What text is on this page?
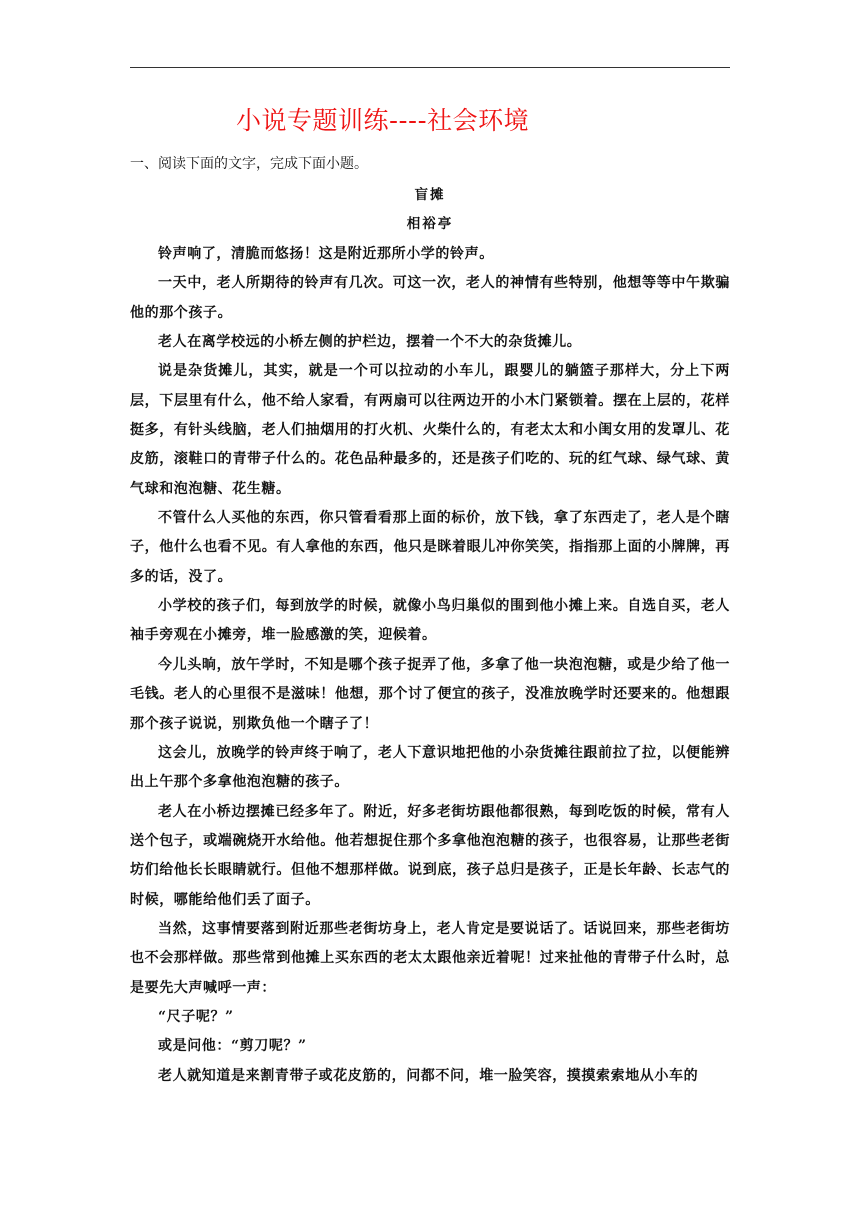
小说专题训练----社会环境
一、阅读下面的文字，完成下面小题。
盲摊
相裕亭

铃声响了，清脆而悠扬！这是附近那所小学的铃声。

一天中，老人所期待的铃声有几次。可这一次，老人的神情有些特别，他想等等中午欺骗他的那个孩子。

老人在离学校远的小桥左侧的护栏边，摆着一个不大的杂货摊儿。

说是杂货摊儿，其实，就是一个可以拉动的小车儿，跟婴儿的躺篮子那样大，分上下两层，下层里有什么，他不给人家看，有两扇可以往两边开的小木门紧锁着。摆在上层的，花样挺多，有针头线脑，老人们抽烟用的打火机、火柴什么的，有老太太和小闺女用的发罩儿、花皮筋，滚鞋口的青带子什么的。花色品种最多的，还是孩子们吃的、玩的红气球、绿气球、黄气球和泡泡糖、花生糖。

不管什么人买他的东西，你只管看看那上面的标价，放下钱，拿了东西走了，老人是个瞎子，他什么也看不见。有人拿他的东西，他只是眯着眼儿冲你笑笑，指指那上面的小牌牌，再多的话，没了。

小学校的孩子们，每到放学的时候，就像小鸟归巢似的围到他小摊上来。自选自买，老人袖手旁观在小摊旁，堆一脸感激的笑，迎候着。

今儿头晌，放午学时，不知是哪个孩子捉弄了他，多拿了他一块泡泡糖，或是少给了他一毛钱。老人的心里很不是滋味！他想，那个讨了便宜的孩子，没准放晚学时还要来的。他想跟那个孩子说说，别欺负他一个瞎子了！

这会儿，放晚学的铃声终于响了，老人下意识地把他的小杂货摊往跟前拉了拉，以便能辨出上午那个多拿他泡泡糖的孩子。

老人在小桥边摆摊已经多年了。附近，好多老街坊跟他都很熟，每到吃饭的时候，常有人送个包子，或端碗烧开水给他。他若想捉住那个多拿他泡泡糖的孩子，也很容易，让那些老街坊们给他长长眼睛就行。但他不想那样做。说到底，孩子总归是孩子，正是长年龄、长志气的时候，哪能给他们丢了面子。

当然，这事情要落到附近那些老街坊身上，老人肯定是要说话了。话说回来，那些老街坊也不会那样做。那些常到他摊上买东西的老太太跟他亲近着呢！过来扯他的青带子什么时，总是要先大声喊呼一声：

“尺子呢？”

或是问他：“剪刀呢？”

老人就知道是来割青带子或花皮筋的，问都不问，堆一脸笑容，摸摸索索地从小车的
